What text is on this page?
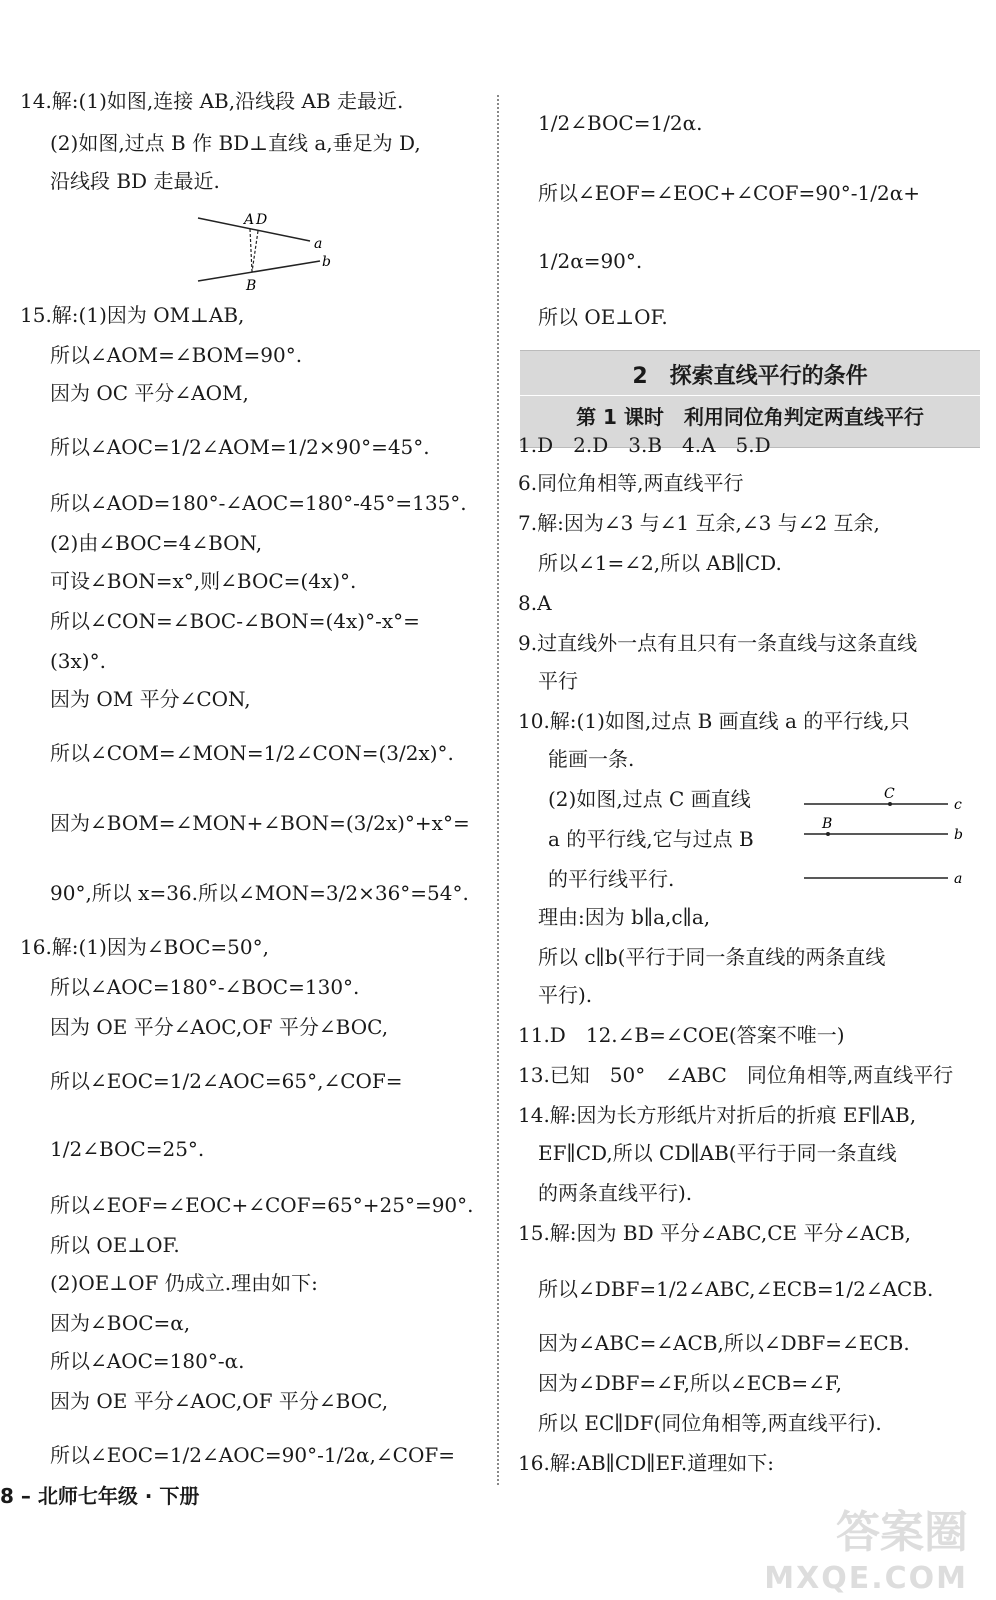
14.解:(1)如图,连接 AB,沿线段 AB 走最近.
(2)如图,过点 B 作 BD⊥直线 a,垂足为 D,
沿线段 BD 走最近.
A D
a
b
B
15.解:(1)因为 OM⊥AB,
所以∠AOM=∠BOM=90°.
因为 OC 平分∠AOM,
所以∠AOC=1/2∠AOM=1/2×90°=45°.
所以∠AOD=180°-∠AOC=180°-45°=135°.
(2)由∠BOC=4∠BON,
可设∠BON=x°,则∠BOC=(4x)°.
所以∠CON=∠BOC-∠BON=(4x)°-x°=
(3x)°.
因为 OM 平分∠CON,
所以∠COM=∠MON=1/2∠CON=(3/2x)°.
因为∠BOM=∠MON+∠BON=(3/2x)°+x°=
90°,所以 x=36.所以∠MON=3/2×36°=54°.
16.解:(1)因为∠BOC=50°,
所以∠AOC=180°-∠BOC=130°.
因为 OE 平分∠AOC,OF 平分∠BOC,
所以∠EOC=1/2∠AOC=65°,∠COF=
1/2∠BOC=25°.
所以∠EOF=∠EOC+∠COF=65°+25°=90°.
所以 OE⊥OF.
(2)OE⊥OF 仍成立.理由如下:
因为∠BOC=α,
所以∠AOC=180°-α.
因为 OE 平分∠AOC,OF 平分∠BOC,
所以∠EOC=1/2∠AOC=90°-1/2α,∠COF=
1/2∠BOC=1/2α.
所以∠EOF=∠EOC+∠COF=90°-1/2α+
1/2α=90°.
所以 OE⊥OF.
2　探索直线平行的条件
第 1 课时　利用同位角判定两直线平行
1.D　2.D　3.B　4.A　5.D
6.同位角相等,两直线平行
7.解:因为∠3 与∠1 互余,∠3 与∠2 互余,
所以∠1=∠2,所以 AB∥CD.
8.A
9.过直线外一点有且只有一条直线与这条直线
平行
10.解:(1)如图,过点 B 画直线 a 的平行线,只
能画一条.
(2)如图,过点 C 画直线
a 的平行线,它与过点 B
的平行线平行.
C
c
B
b
a
理由:因为 b∥a,c∥a,
所以 c∥b(平行于同一条直线的两条直线
平行).
11.D　12.∠B=∠COE(答案不唯一)
13.已知　50°　∠ABC　同位角相等,两直线平行
14.解:因为长方形纸片对折后的折痕 EF∥AB,
EF∥CD,所以 CD∥AB(平行于同一条直线
的两条直线平行).
15.解:因为 BD 平分∠ABC,CE 平分∠ACB,
所以∠DBF=1/2∠ABC,∠ECB=1/2∠ACB.
因为∠ABC=∠ACB,所以∠DBF=∠ECB.
因为∠DBF=∠F,所以∠ECB=∠F,
所以 EC∥DF(同位角相等,两直线平行).
16.解:AB∥CD∥EF.道理如下:
8 – 北师七年级 · 下册
答案圈
MXQE.COM
